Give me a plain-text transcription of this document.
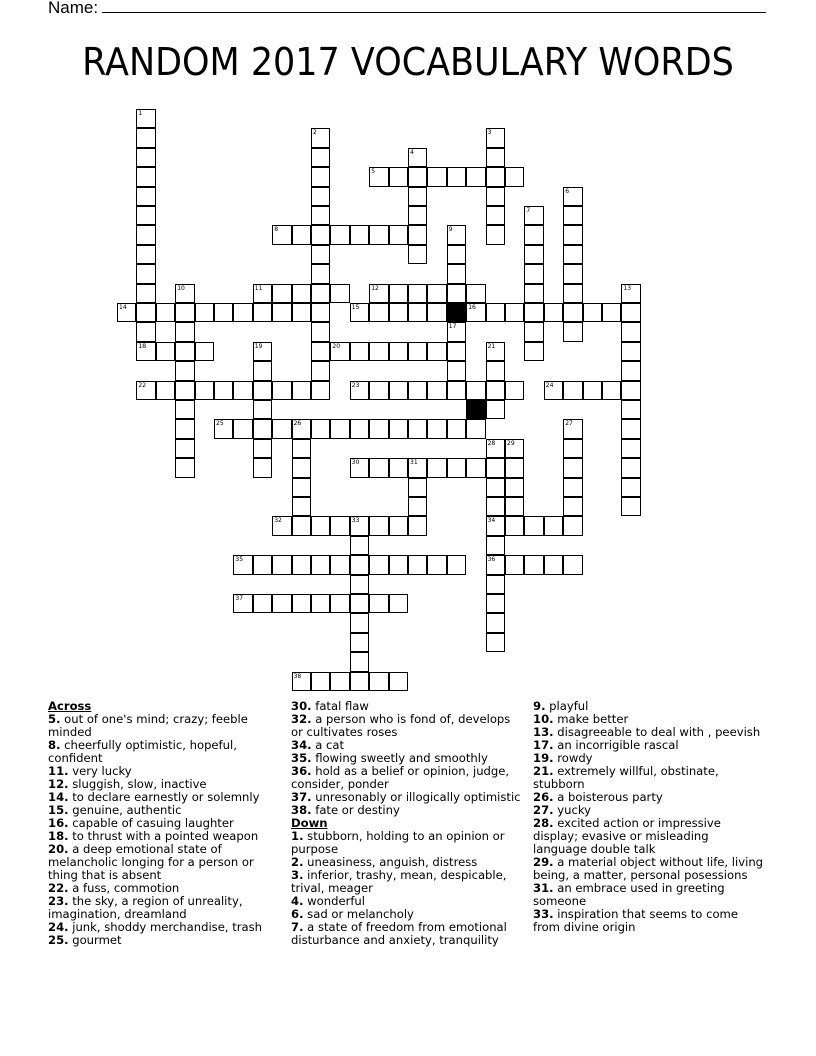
Name:
RANDOM 2017 VOCABULARY WORDS
1
2	3
4
5
6
7
8	9
10	11	12	13
14	15	16
17
18	19	20	21
22	23	24
25	26	27
28
34
36
29
30	31
32	33
35
37
38
Across
5. out of one's mind; crazy; feeble minded
8. cheerfully optimistic, hopeful, confident
11. very lucky
12. sluggish, slow, inactive
14. to declare earnestly or solemnly
15. genuine, authentic
16. capable of casuing laughter
18. to thrust with a pointed weapon
20. a deep emotional state of melancholic longing for a person or thing that is absent
22. a fuss, commotion
23. the sky, a region of unreality, imagination, dreamland
24. junk, shoddy merchandise, trash
25. gourmet
30. fatal flaw
32. a person who is fond of, develops or cultivates roses
34. a cat
35. flowing sweetly and smoothly
36. hold as a belief or opinion, judge, consider, ponder
37. unresonably or illogically optimistic
38. fate or destiny
Down
1. stubborn, holding to an opinion or purpose
2. uneasiness, anguish, distress
3. inferior, trashy, mean, despicable, trival, meager
4. wonderful
6. sad or melancholy
7. a state of freedom from emotional disturbance and anxiety, tranquility
9. playful
10. make better
13. disagreeable to deal with , peevish
17. an incorrigible rascal
19. rowdy
21. extremely willful, obstinate, stubborn
26. a boisterous party
27. yucky
28. excited action or impressive display; evasive or misleading language double talk
29. a material object without life, living being, a matter, personal posessions
31. an embrace used in greeting someone
33. inspiration that seems to come from divine origin
